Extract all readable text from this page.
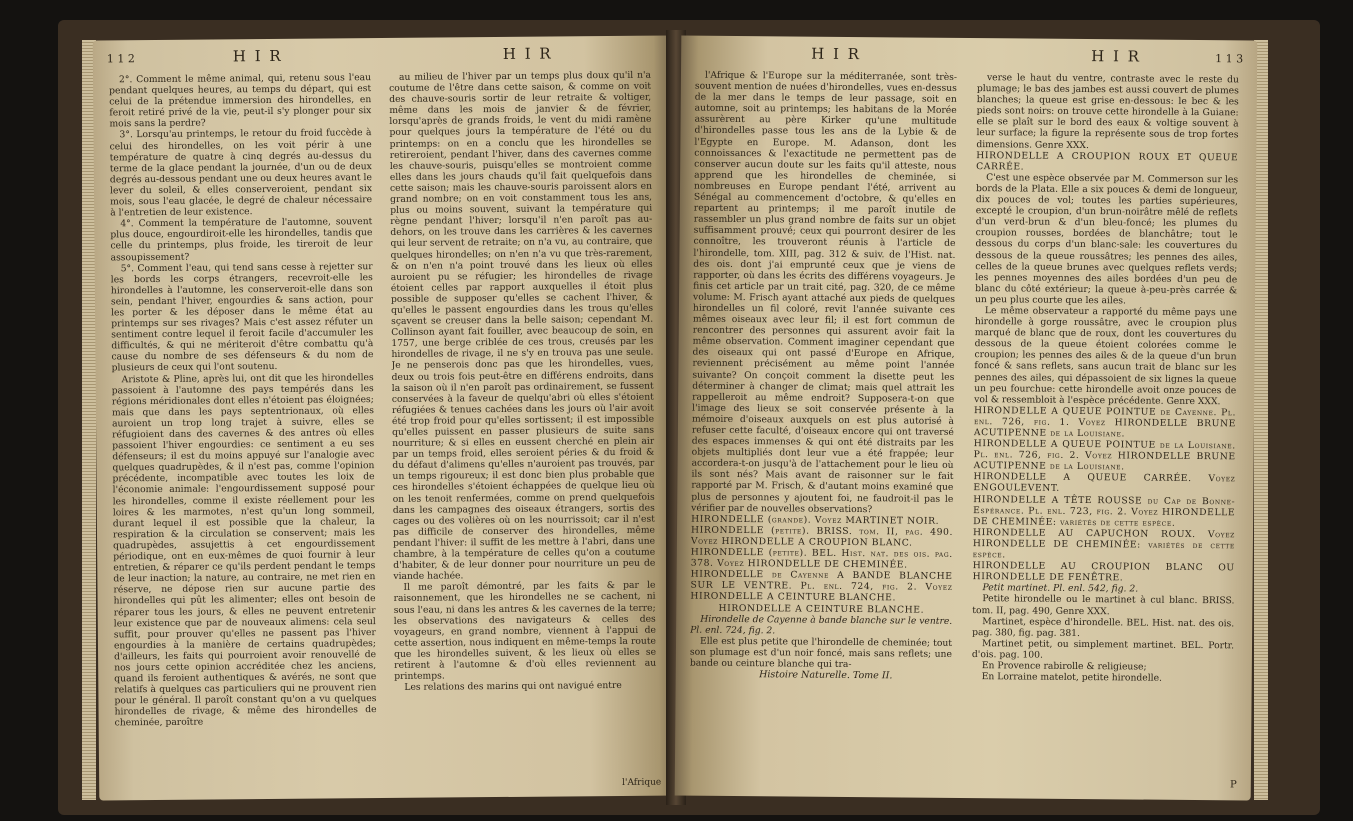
1 1 2	H I R	H I R

2°. Comment le même animal, qui, retenu sous l'eau pendant quelques heures, au temps du départ, qui est celui de la prétendue immersion des hirondelles, en feroit retiré privé de la vie, peut-il s'y plonger pour six mois sans la perdre?

3°. Lorsqu'au printemps, le retour du froid fuccède à celui des hirondelles, on les voit périr à une température de quatre à cinq degrés au-dessus du terme de la glace pendant la journée, d'un ou de deux degrés au-dessous pendant une ou deux heures avant le lever du soleil, & elles conserveroient, pendant six mois, sous l'eau glacée, le degré de chaleur nécessaire à l'entretien de leur existence.

4°. Comment la température de l'automne, souvent plus douce, engourdiroit-elle les hirondelles, tandis que celle du printemps, plus froide, les tireroit de leur assoupissement?

5°. Comment l'eau, qui tend sans cesse à rejetter sur les bords les corps étrangers, recevroit-elle les hirondelles à l'automne, les conserveroit-elle dans son sein, pendant l'hiver, engourdies & sans action, pour les porter & les déposer dans le même état au printemps sur ses rivages? Mais c'est assez réfuter un sentiment contre lequel il feroit facile d'accumuler les difficultés, & qui ne mériteroit d'être combattu qu'à cause du nombre de ses défenseurs & du nom de plusieurs de ceux qui l'ont soutenu.

Aristote & Pline, après lui, ont dit que les hirondelles passoient à l'automne des pays tempérés dans les régions méridionales dont elles n'étoient pas éloignées; mais que dans les pays septentrionaux, où elles auroient un trop long trajet à suivre, elles se réfugioient dans des cavernes & des antres où elles passoient l'hiver engourdies: ce sentiment a eu ses défenseurs; il est du moins appuyé sur l'analogie avec quelques quadrupèdes, & il n'est pas, comme l'opinion précédente, incompatible avec toutes les loix de l'économie animale: l'engourdissement supposé pour les hirondelles, comme il existe réellement pour les loires & les marmotes, n'est qu'un long sommeil, durant lequel il est possible que la chaleur, la respiration & la circulation se conservent; mais les quadrupèdes, assujettis à cet engourdissement périodique, ont en eux-mêmes de quoi fournir à leur entretien, & réparer ce qu'ils perdent pendant le temps de leur inaction; la nature, au contraire, ne met rien en réserve, ne dépose rien sur aucune partie des hirondelles qui pût les alimenter; elles ont besoin de réparer tous les jours, & elles ne peuvent entretenir leur existence que par de nouveaux alimens: cela seul suffit, pour prouver qu'elles ne passent pas l'hiver engourdies à la manière de certains quadrupèdes; d'ailleurs, les faits qui pourroient avoir renouvellé de nos jours cette opinion accréditée chez les anciens, quand ils feroient authentiques & avérés, ne sont que relatifs à quelques cas particuliers qui ne prouvent rien pour le général. Il paroît constant qu'on a vu quelques hirondelles de rivage, & même des hirondelles de cheminée, paroître

au milieu de l'hiver par un temps plus doux qu'il n'a coutume de l'être dans cette saison, & comme on voit des chauve-souris sortir de leur retraite & voltiger, même dans les mois de janvier & de février, lorsqu'après de grands froids, le vent du midi ramène pour quelques jours la température de l'été ou du printemps: on en a conclu que les hirondelles se retireroient, pendant l'hiver, dans des cavernes comme les chauve-souris, puisqu'elles se montroient comme elles dans les jours chauds qu'il fait quelquefois dans cette saison; mais les chauve-souris paroissent alors en grand nombre; on en voit constamment tous les ans, plus ou moins souvent, suivant la température qui règne pendant l'hiver; lorsqu'il n'en paroît pas au-dehors, on les trouve dans les carrières & les cavernes qui leur servent de retraite; on n'a vu, au contraire, que quelques hirondelles; on n'en n'a vu que très-rarement, & on n'en n'a point trouvé dans les lieux où elles auroient pu se réfugier; les hirondelles de rivage étoient celles par rapport auxquelles il étoit plus possible de supposer qu'elles se cachent l'hiver, & qu'elles le passent engourdies dans les trous qu'elles sçavent se creuser dans la belle saison; cependant M. Collinson ayant fait fouiller, avec beaucoup de soin, en 1757, une berge criblée de ces trous, creusés par les hirondelles de rivage, il ne s'y en trouva pas une seule. Je ne penserois donc pas que les hirondelles, vues, deux ou trois fois peut-être en différens endroits, dans la saison où il n'en paroît pas ordinairement, se fussent conservées à la faveur de quelqu'abri où elles s'étoient réfugiées & tenues cachées dans les jours où l'air avoit été trop froid pour qu'elles sortissent; il est impossible qu'elles puissent en passer plusieurs de suite sans nourriture; & si elles en eussent cherché en plein air par un temps froid, elles seroient péries & du froid & du défaut d'alimens qu'elles n'auroient pas trouvés, par un temps rigoureux; il est donc bien plus probable que ces hirondelles s'étoient échappées de quelque lieu où on les tenoit renfermées, comme on prend quelquefois dans les campagnes des oiseaux étrangers, sortis des cages ou des volières où on les nourrissoit; car il n'est pas difficile de conserver des hirondelles, même pendant l'hiver: il suffit de les mettre à l'abri, dans une chambre, à la température de celles qu'on a coutume d'habiter, & de leur donner pour nourriture un peu de viande hachée.

Il me paroît démontré, par les faits & par le raisonnement, que les hirondelles ne se cachent, ni sous l'eau, ni dans les antres & les cavernes de la terre; les observations des navigateurs & celles des voyageurs, en grand nombre, viennent à l'appui de cette assertion, nous indiquent en même-temps la route que les hirondelles suivent, & les lieux où elles se retirent à l'automne & d'où elles reviennent au printemps.

Les relations des marins qui ont navigué entre

l'Afrique
H I R	H I R	1 1 3

l'Afrique & l'Europe sur la méditerranée, sont très-souvent mention de nuées d'hirondelles, vues en-dessus de la mer dans le temps de leur passage, soit en automne, soit au printemps; les habitans de la Morée assurèrent au père Kirker qu'une multitude d'hirondelles passe tous les ans de la Lybie & de l'Egypte en Europe. M. Adanson, dont les connoissances & l'exactitude ne permettent pas de conserver aucun doute sur les faits qu'il atteste, nous apprend que les hirondelles de cheminée, si nombreuses en Europe pendant l'été, arrivent au Sénégal au commencement d'octobre, & qu'elles en repartent au printemps; il me paroît inutile de rassembler un plus grand nombre de faits sur un objet suffisamment prouvé; ceux qui pourront desirer de les connoître, les trouveront réunis à l'article de l'hirondelle, tom. XIII, pag. 312 & suiv. de l'Hist. nat. des ois. dont j'ai emprunté ceux que je viens de rapporter, où dans les écrits des différens voyageurs. Je finis cet article par un trait cité, pag. 320, de ce même volume: M. Frisch ayant attaché aux pieds de quelques hirondelles un fil coloré, revit l'année suivante ces mêmes oiseaux avec leur fil; il est fort commun de rencontrer des personnes qui assurent avoir fait la même observation. Comment imaginer cependant que des oiseaux qui ont passé d'Europe en Afrique, reviennent précisément au même point l'année suivante? On conçoit comment la disette peut les déterminer à changer de climat; mais quel attrait les rappelleroit au même endroit? Supposera-t-on que l'image des lieux se soit conservée présente à la mémoire d'oiseaux auxquels on est plus autorisé à refuser cette faculté, d'oiseaux encore qui ont traversé des espaces immenses & qui ont été distraits par les objets multipliés dont leur vue a été frappée; leur accordera-t-on jusqu'à de l'attachement pour le lieu où ils sont nés? Mais avant de raisonner sur le fait rapporté par M. Frisch, & d'autant moins examiné que plus de personnes y ajoutent foi, ne faudroit-il pas le vérifier par de nouvelles observations?

HIRONDELLE (grande). Voyez MARTINET NOIR.

HIRONDELLE (petite). BRISS. tom. II, pag. 490. Voyez HIRONDELLE A CROUPION BLANC.

HIRONDELLE (petite). BEL. Hist. nat. des ois. pag. 378. Voyez HIRONDELLE DE CHEMINÉE.

HIRONDELLE de Cayenne A BANDE BLANCHE SUR LE VENTRE. Pl. enl. 724, fig. 2. Voyez HIRONDELLE A CEINTURE BLANCHE.

HIRONDELLE A CEINTURE BLANCHE.

Hirondelle de Cayenne à bande blanche sur le ventre. Pl. enl. 724, fig. 2.

Elle est plus petite que l'hirondelle de cheminée; tout son plumage est d'un noir foncé, mais sans reflets; une bande ou ceinture blanche qui tra-

Histoire Naturelle. Tome II.

verse le haut du ventre, contraste avec le reste du plumage; le bas des jambes est aussi couvert de plumes blanches; la queue est grise en-dessous: le bec & les pieds sont noirs: on trouve cette hirondelle à la Guiane: elle se plaît sur le bord des eaux & voltige souvent à leur surface; la figure la représente sous de trop fortes dimensions. Genre XXX.

HIRONDELLE A CROUPION ROUX ET QUEUE CARRÉE.

C'est une espèce observée par M. Commerson sur les bords de la Plata. Elle a six pouces & demi de longueur, dix pouces de vol; toutes les parties supérieures, excepté le croupion, d'un brun-noirâtre mêlé de reflets d'un verd-brun & d'un bleu-foncé; les plumes du croupion rousses, bordées de blanchâtre; tout le dessous du corps d'un blanc-sale: les couvertures du dessous de la queue roussâtres; les pennes des ailes, celles de la queue brunes avec quelques reflets verds; les pennes moyennes des ailes bordées d'un peu de blanc du côté extérieur; la queue à-peu-près carrée & un peu plus courte que les ailes.

Le même observateur a rapporté du même pays une hirondelle à gorge roussâtre, avec le croupion plus marqué de blanc que de roux, dont les couvertures du dessous de la queue étoient colorées comme le croupion; les pennes des ailes & de la queue d'un brun foncé & sans reflets, sans aucun trait de blanc sur les pennes des ailes, qui dépassoient de six lignes la queue un peu fourchue: cette hirondelle avoit onze pouces de vol & ressembloit à l'espèce précédente. Genre XXX.

HIRONDELLE A QUEUE POINTUE de Cayenne. Pl. enl. 726, fig. 1. Voyez HIRONDELLE BRUNE ACUTIPENNE de la Louisiane.

HIRONDELLE A QUEUE POINTUE de la Louisiane. Pl. enl. 726, fig. 2. Voyez HIRONDELLE BRUNE ACUTIPENNE de la Louisiane.

HIRONDELLE A QUEUE CARRÉE. Voyez ENGOULEVENT.

HIRONDELLE A TÊTE ROUSSE du Cap de Bonne-Espérance. Pl. enl. 723, fig. 2. Voyez HIRONDELLE DE CHEMINÉE: variétés de cette espèce.

HIRONDELLE AU CAPUCHON ROUX. Voyez HIRONDELLE DE CHEMINÉE: variétés de cette espèce.

HIRONDELLE AU CROUPION BLANC OU HIRONDELLE DE FENÊTRE.

Petit martinet. Pl. enl. 542, fig. 2.

Petite hirondelle ou le martinet à cul blanc. BRISS. tom. II, pag. 490, Genre XXX.

Martinet, espèce d'hirondelle. BEL. Hist. nat. des ois. pag. 380, fig. pag. 381.

Martinet petit, ou simplement martinet. BEL. Portr. d'ois. pag. 100.

En Provence rabirolle & religieuse;

En Lorraine matelot, petite hirondelle.

P
